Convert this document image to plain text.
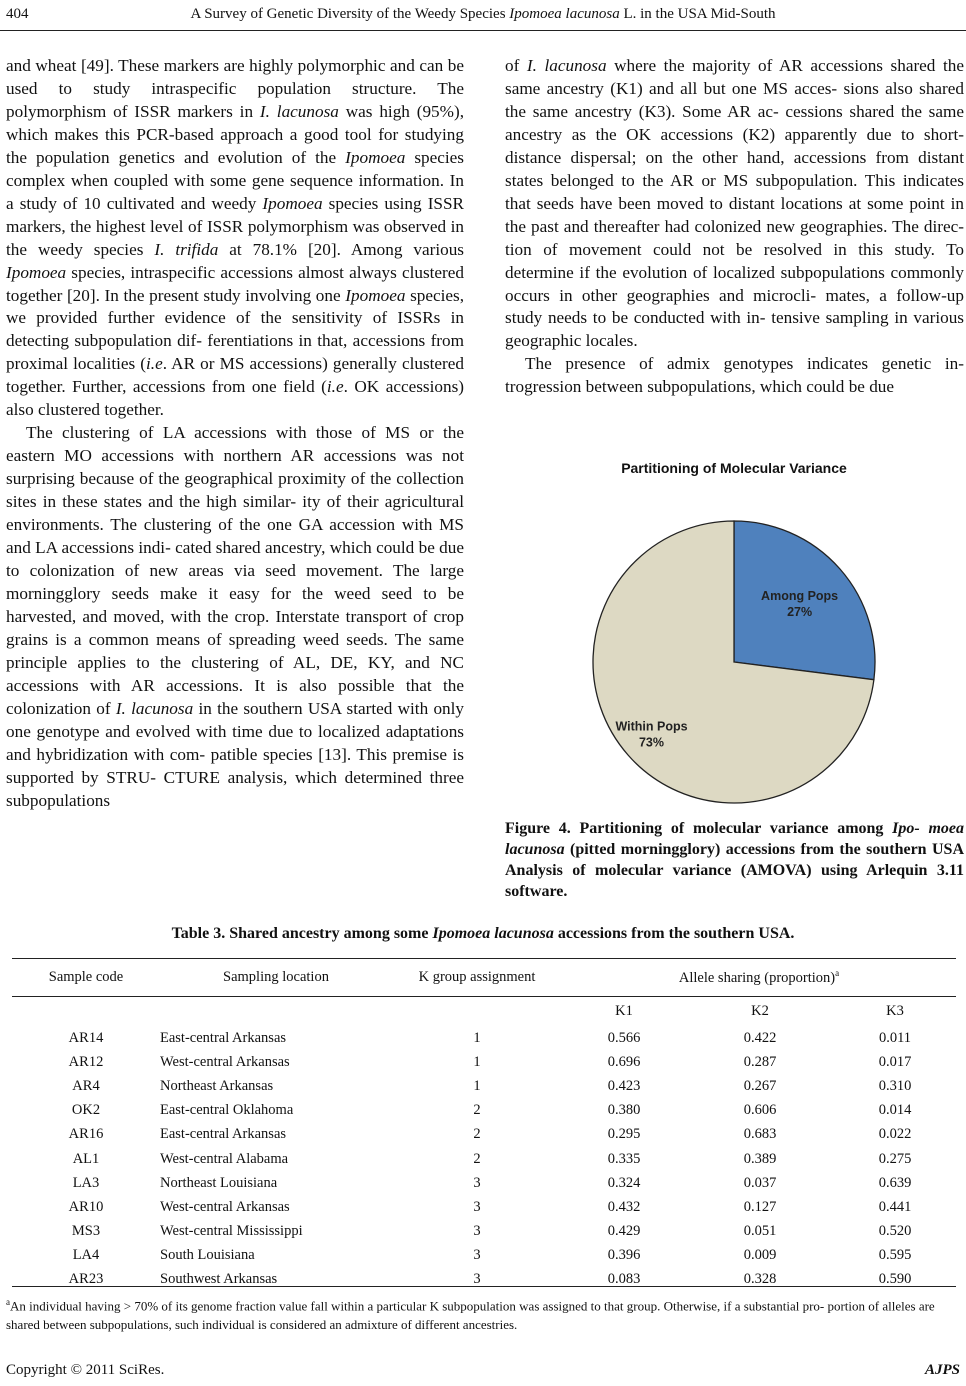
404	A Survey of Genetic Diversity of the Weedy Species Ipomoea lacunosa L. in the USA Mid-South

and wheat [49]. These markers are highly polymorphic and can be used to study intraspecific population structure. The polymorphism of ISSR markers in I. lacunosa was high (95%), which makes this PCR-based approach a good tool for studying the population genetics and evolution of the Ipomoea species complex when coupled with some gene sequence information. In a study of 10 cultivated and weedy Ipomoea species using ISSR markers, the highest level of ISSR polymorphism was observed in the weedy species I. trifida at 78.1% [20]. Among various Ipomoea species, intraspecific accessions almost always clustered together [20]. In the present study involving one Ipomoea species, we provided further evidence of the sensitivity of ISSRs in detecting subpopulation dif- ferentiations in that, accessions from proximal localities (i.e. AR or MS accessions) generally clustered together. Further, accessions from one field (i.e. OK accessions) also clustered together.

The clustering of LA accessions with those of MS or the eastern MO accessions with northern AR accessions was not surprising because of the geographical proximity of the collection sites in these states and the high similar- ity of their agricultural environments. The clustering of the one GA accession with MS and LA accessions indi- cated shared ancestry, which could be due to colonization of new areas via seed movement. The large morningglory seeds make it easy for the weed seed to be harvested, and moved, with the crop. Interstate transport of crop grains is a common means of spreading weed seeds. The same principle applies to the clustering of AL, DE, KY, and NC accessions with AR accessions. It is also possible that the colonization of I. lacunosa in the southern USA started with only one genotype and evolved with time due to localized adaptations and hybridization with com- patible species [13]. This premise is supported by STRU- CTURE analysis, which determined three subpopulations

of I. lacunosa where the majority of AR accessions shared the same ancestry (K1) and all but one MS acces- sions also shared the same ancestry (K3). Some AR ac- cessions shared the same ancestry as the OK accessions (K2) apparently due to short-distance dispersal; on the other hand, accessions from distant states belonged to the AR or MS subpopulation. This indicates that seeds have been moved to distant locations at some point in the past and thereafter had colonized new geographies. The direc- tion of movement could not be resolved in this study. To determine if the evolution of localized subpopulations commonly occurs in other geographies and microcli- mates, a follow-up study needs to be conducted with in- tensive sampling in various geographic locales.

The presence of admix genotypes indicates genetic in- trogression between subpopulations, which could be due

Partitioning of Molecular Variance
Among Pops
27%
Within Pops
73%
Figure 4. Partitioning of molecular variance among Ipo- moea lacunosa (pitted morningglory) accessions from the southern USA Analysis of molecular variance (AMOVA) using Arlequin 3.11 software.
Table 3. Shared ancestry among some Ipomoea lacunosa accessions from the southern USA.
Sample code	Sampling location	K group assignment	Allele sharing (proportion)$^a$
			K1	K2	K3
AR14	East-central Arkansas	1	0.566	0.422	0.011
AR12	West-central Arkansas	1	0.696	0.287	0.017
AR4	Northeast Arkansas	1	0.423	0.267	0.310
OK2	East-central Oklahoma	2	0.380	0.606	0.014
AR16	East-central Arkansas	2	0.295	0.683	0.022
AL1	West-central Alabama	2	0.335	0.389	0.275
LA3	Northeast Louisiana	3	0.324	0.037	0.639
AR10	West-central Arkansas	3	0.432	0.127	0.441
MS3	West-central Mississippi	3	0.429	0.051	0.520
LA4	South Louisiana	3	0.396	0.009	0.595
AR23	Southwest Arkansas	3	0.083	0.328	0.590
$^a$An individual having > 70% of its genome fraction value fall within a particular K subpopulation was assigned to that group. Otherwise, if a substantial pro- portion of alleles are shared between subpopulations, such individual is considered an admixture of different ancestries.
Copyright © 2011 SciRes.	AJPS
